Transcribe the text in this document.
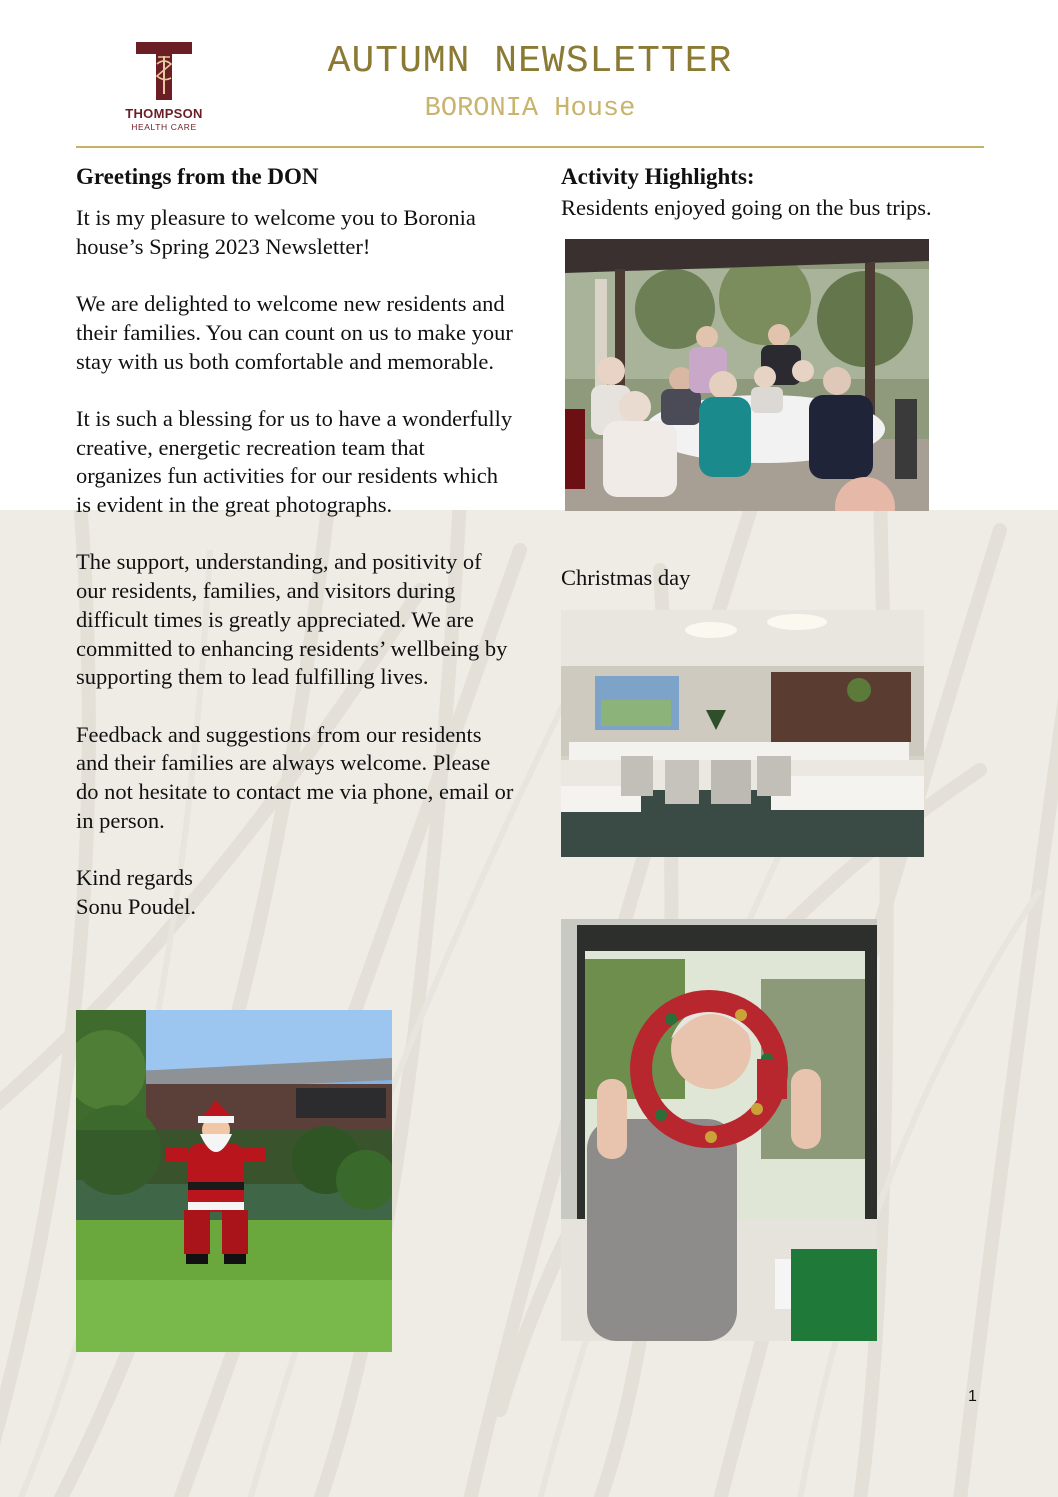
THOMPSON
HEALTH CARE
AUTUMN NEWSLETTER
BORONIA House

Greetings from the DON

It is my pleasure to welcome you to Boronia house’s Spring 2023 Newsletter!

We are delighted to welcome new residents and their families. You can count on us to make your stay with us both comfortable and memorable.

It is such a blessing for us to have a wonderfully creative, energetic recreation team that organizes fun activities for our residents which is evident in the great photographs.

The support, understanding, and positivity of our residents, families, and visitors during difficult times is greatly appreciated. We are committed to enhancing residents’ wellbeing by supporting them to lead fulfilling lives.

Feedback and suggestions from our residents and their families are always welcome. Please do not hesitate to contact me via phone, email or in person.

Kind regards
Sonu Poudel.

Activity Highlights:
Residents enjoyed going on the bus trips.
Christmas day
1
